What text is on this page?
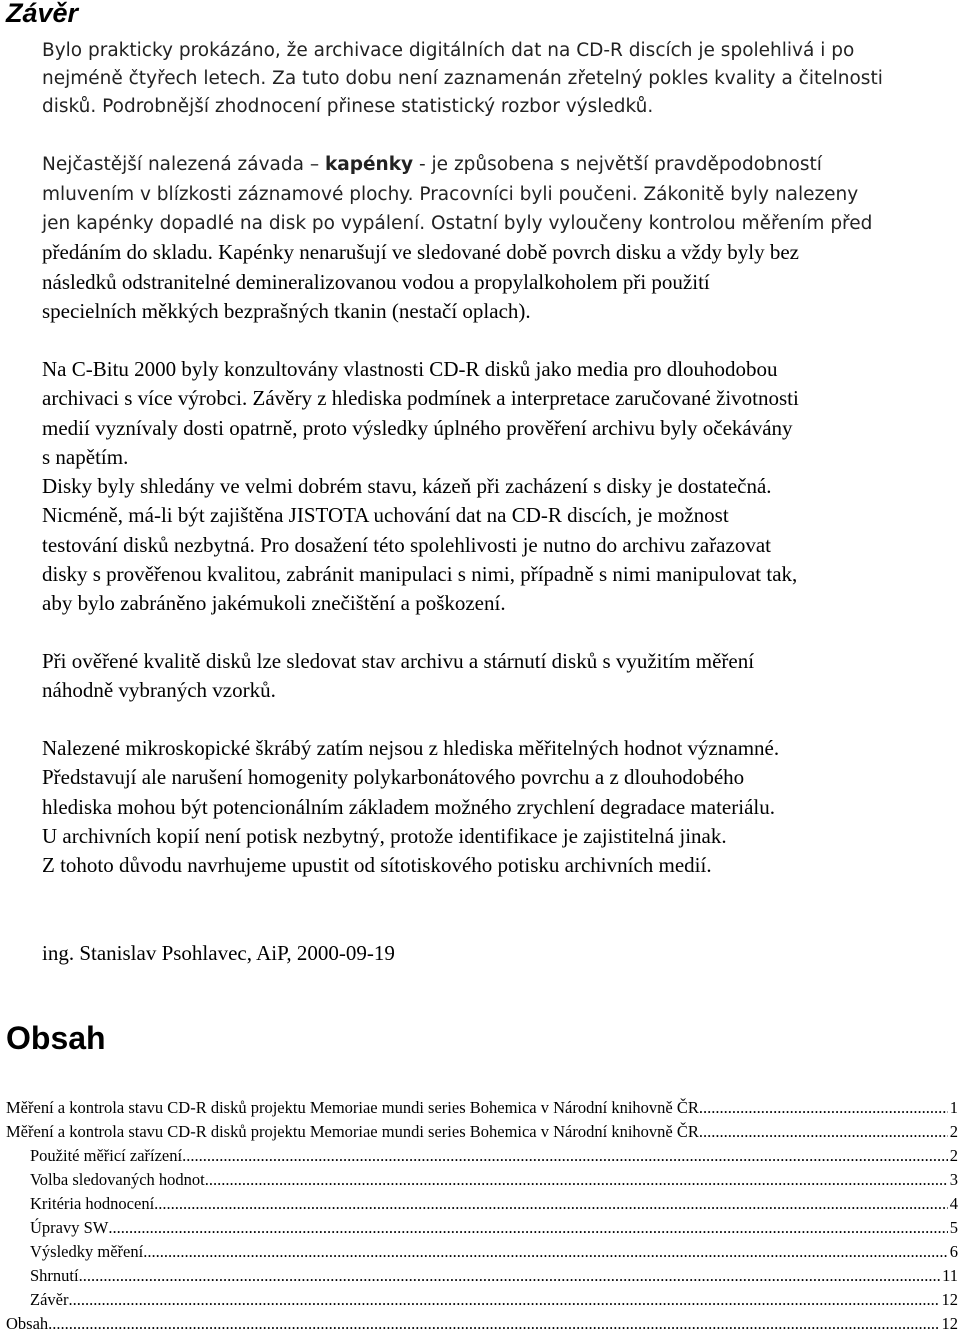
Závěr
Bylo prakticky prokázáno, že archivace digitálních dat na CD-R discích je spolehlivá i po
nejméně čtyřech letech. Za tuto dobu není zaznamenán zřetelný pokles kvality a čitelnosti
disků. Podrobnější zhodnocení přinese statistický rozbor výsledků.
Nejčastější nalezená závada – kapénky - je způsobena s největší pravděpodobností
mluvením v blízkosti záznamové plochy. Pracovníci byli poučeni. Zákonitě byly nalezeny
jen kapénky dopadlé na disk po vypálení. Ostatní byly vyloučeny kontrolou měřením před
předáním do skladu. Kapénky nenarušují ve sledované době povrch disku a vždy byly bez
následků odstranitelné demineralizovanou vodou a propylalkoholem při použití
specielních měkkých bezprašných tkanin (nestačí oplach).
Na C-Bitu 2000 byly konzultovány vlastnosti CD-R disků jako media pro dlouhodobou
archivaci s více výrobci. Závěry z hlediska podmínek a interpretace zaručované životnosti
medií vyznívaly dosti opatrně, proto výsledky úplného prověření archivu byly očekávány
s napětím.
Disky byly shledány ve velmi dobrém stavu, kázeň při zacházení s disky je dostatečná.
Nicméně, má-li být zajištěna JISTOTA uchování dat na CD-R discích, je možnost
testování disků nezbytná. Pro dosažení této spolehlivosti je nutno do archivu zařazovat
disky s prověřenou kvalitou, zabránit manipulaci s nimi, případně s nimi manipulovat tak,
aby bylo zabráněno jakémukoli znečištění a poškození.
Při ověřené kvalitě disků lze sledovat stav archivu a stárnutí disků s využitím měření
náhodně vybraných vzorků.
Nalezené mikroskopické škrábý zatím nejsou z hlediska měřitelných hodnot významné.
Představují ale narušení homogenity polykarbonátového povrchu a z dlouhodobého
hlediska mohou být potencionálním základem možného zrychlení degradace materiálu.
U archivních kopií není potisk nezbytný, protože identifikace je zajistitelná jinak.
Z tohoto důvodu navrhujeme upustit od sítotiskového potisku archivních medií.
ing. Stanislav Psohlavec, AiP, 2000-09-19
Obsah
Měření a kontrola stavu CD-R disků projektu Memoriae mundi series Bohemica v Národní knihovně ČR .....	1
Měření a kontrola stavu CD-R disků projektu Memoriae mundi series Bohemica v Národní knihovně ČR .....	2
Použité měřicí zařízení .....	2
Volba sledovaných hodnot .....	3
Kritéria hodnocení .....	4
Úpravy SW .....	5
Výsledky měření .....	6
Shrnutí .....	11
Závěr .....	12
Obsah .....	12
